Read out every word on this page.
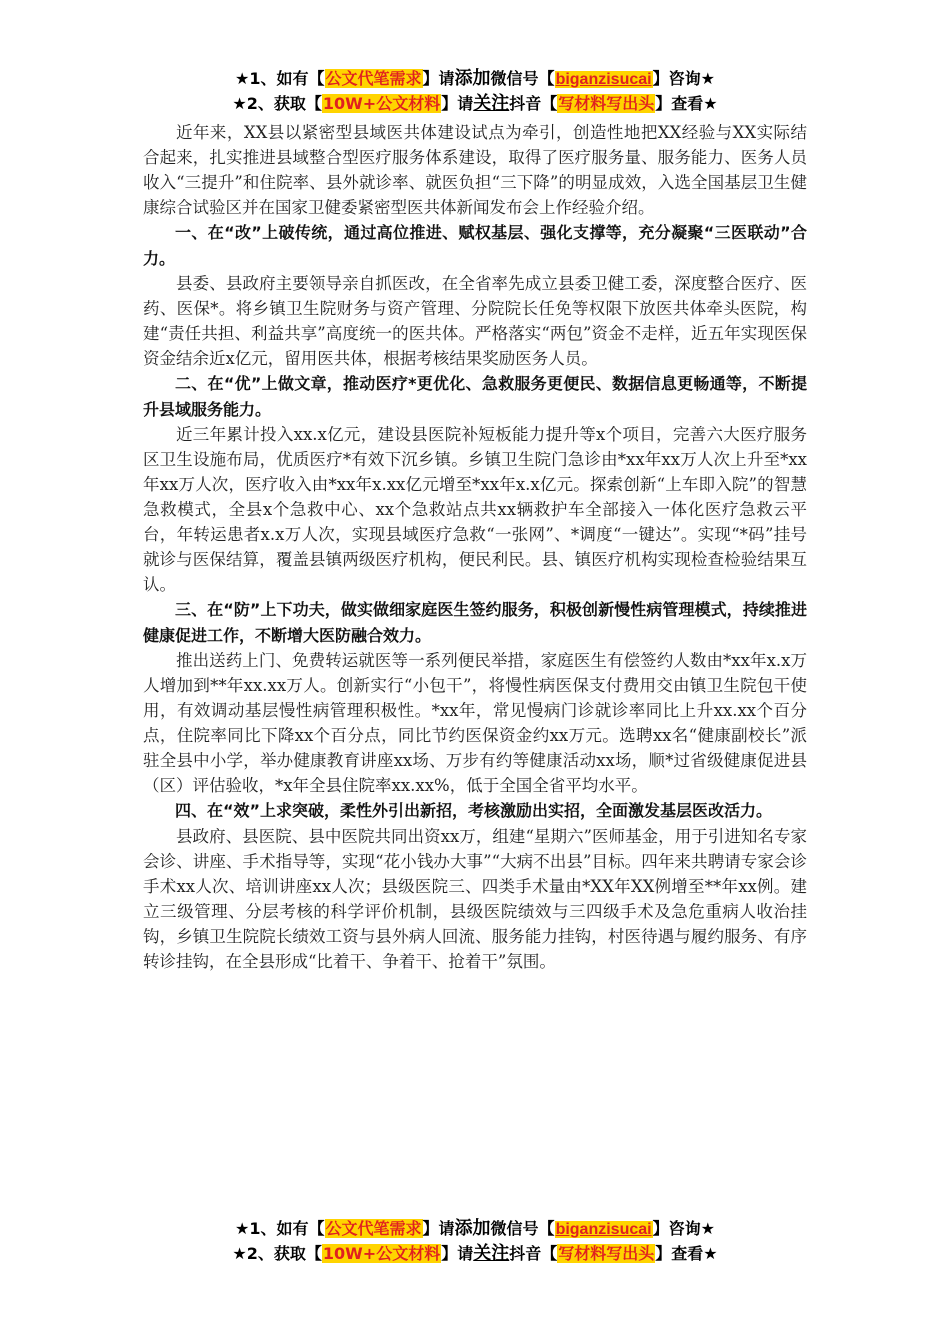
★1、如有【公文代笔需求】请添加微信号【biganzisucai】咨询★
★2、获取【10W+公文材料】请关注抖音【写材料写出头】查看★

近年来，XX县以紧密型县域医共体建设试点为牵引，创造性地把XX经验与XX实际结合起来，扎实推进县域整合型医疗服务体系建设，取得了医疗服务量、服务能力、医务人员收入“三提升”和住院率、县外就诊率、就医负担“三下降”的明显成效，入选全国基层卫生健康综合试验区并在国家卫健委紧密型医共体新闻发布会上作经验介绍。

一、在“改”上破传统，通过高位推进、赋权基层、强化支撑等，充分凝聚“三医联动”合力。

县委、县政府主要领导亲自抓医改，在全省率先成立县委卫健工委，深度整合医疗、医药、医保*。将乡镇卫生院财务与资产管理、分院院长任免等权限下放医共体牵头医院，构建“责任共担、利益共享”高度统一的医共体。严格落实“两包”资金不走样，近五年实现医保资金结余近x亿元，留用医共体，根据考核结果奖励医务人员。

二、在“优”上做文章，推动医疗*更优化、急救服务更便民、数据信息更畅通等，不断提升县域服务能力。

近三年累计投入xx.x亿元，建设县医院补短板能力提升等x个项目，完善六大医疗服务区卫生设施布局，优质医疗*有效下沉乡镇。乡镇卫生院门急诊由*xx年xx万人次上升至*xx年xx万人次，医疗收入由*xx年x.xx亿元增至*xx年x.x亿元。探索创新“上车即入院”的智慧急救模式，全县x个急救中心、xx个急救站点共xx辆救护车全部接入一体化医疗急救云平台，年转运患者x.x万人次，实现县域医疗急救“一张网”、*调度“一键达”。实现“*码”挂号就诊与医保结算，覆盖县镇两级医疗机构，便民利民。县、镇医疗机构实现检查检验结果互认。

三、在“防”上下功夫，做实做细家庭医生签约服务，积极创新慢性病管理模式，持续推进健康促进工作，不断增大医防融合效力。

推出送药上门、免费转运就医等一系列便民举措，家庭医生有偿签约人数由*xx年x.x万人增加到**年xx.xx万人。创新实行“小包干”，将慢性病医保支付费用交由镇卫生院包干使用，有效调动基层慢性病管理积极性。*xx年，常见慢病门诊就诊率同比上升xx.xx个百分点，住院率同比下降xx个百分点，同比节约医保资金约xx万元。选聘xx名“健康副校长”派驻全县中小学，举办健康教育讲座xx场、万步有约等健康活动xx场，顺*过省级健康促进县（区）评估验收，*x年全县住院率xx.xx%，低于全国全省平均水平。

四、在“效”上求突破，柔性外引出新招，考核激励出实招，全面激发基层医改活力。

县政府、县医院、县中医院共同出资xx万，组建“星期六”医师基金，用于引进知名专家会诊、讲座、手术指导等，实现“花小钱办大事”“大病不出县”目标。四年来共聘请专家会诊手术xx人次、培训讲座xx人次；县级医院三、四类手术量由*XX年XX例增至**年xx例。建立三级管理、分层考核的科学评价机制，县级医院绩效与三四级手术及急危重病人收治挂钩，乡镇卫生院院长绩效工资与县外病人回流、服务能力挂钩，村医待遇与履约服务、有序转诊挂钩，在全县形成“比着干、争着干、抢着干”氛围。

★1、如有【公文代笔需求】请添加微信号【biganzisucai】咨询★
★2、获取【10W+公文材料】请关注抖音【写材料写出头】查看★
